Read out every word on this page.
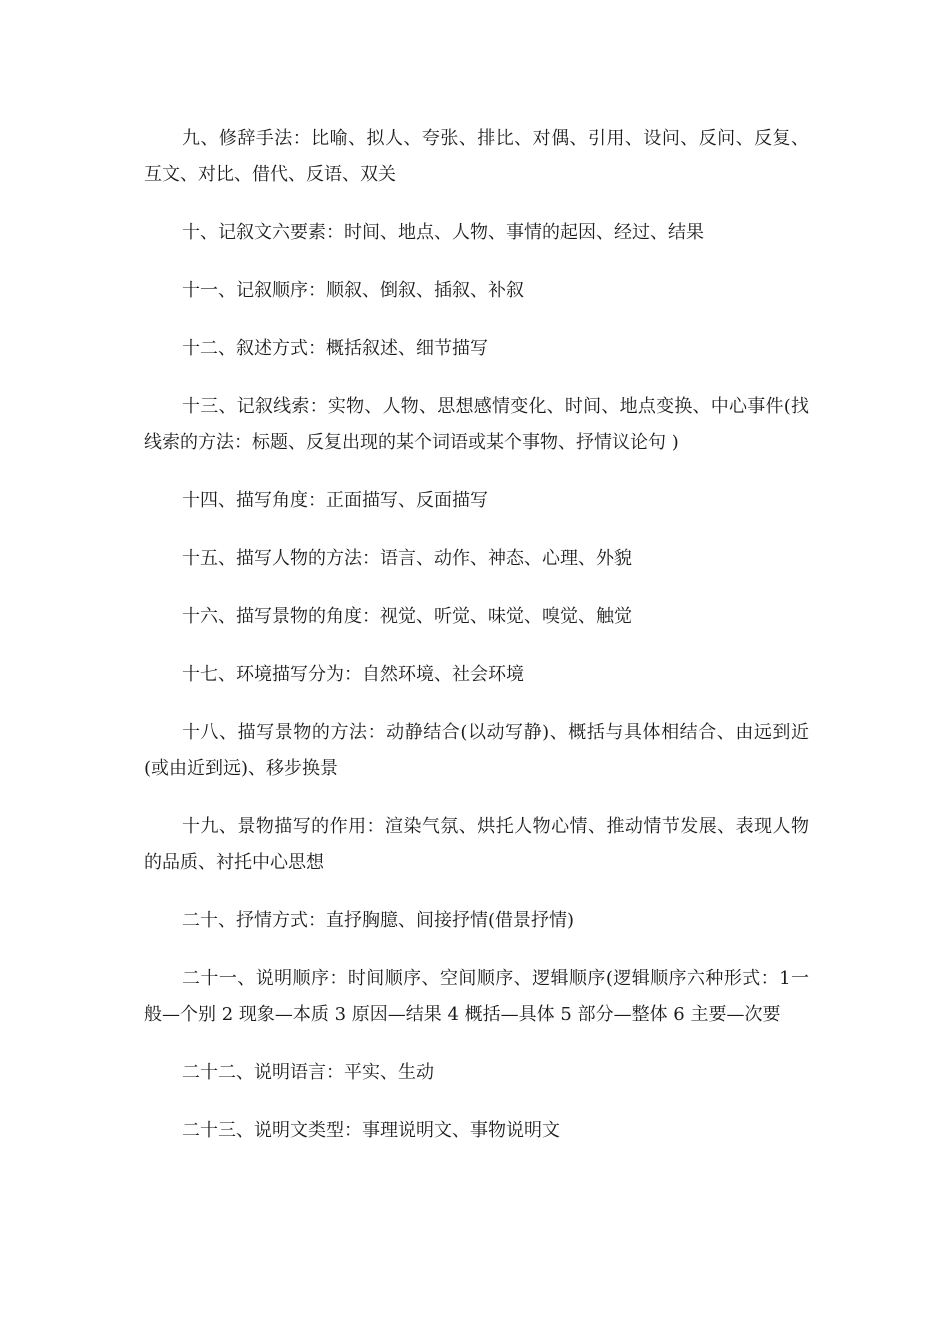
九、修辞手法：比喻、拟人、夸张、排比、对偶、引用、设问、反问、反复、互文、对比、借代、反语、双关

十、记叙文六要素：时间、地点、人物、事情的起因、经过、结果

十一、记叙顺序：顺叙、倒叙、插叙、补叙

十二、叙述方式：概括叙述、细节描写

十三、记叙线索：实物、人物、思想感情变化、时间、地点变换、中心事件(找线索的方法：标题、反复出现的某个词语或某个事物、抒情议论句 )

十四、描写角度：正面描写、反面描写

十五、描写人物的方法：语言、动作、神态、心理、外貌

十六、描写景物的角度：视觉、听觉、味觉、嗅觉、触觉

十七、环境描写分为：自然环境、社会环境

十八、描写景物的方法：动静结合(以动写静)、概括与具体相结合、由远到近(或由近到远)、移步换景

十九、景物描写的作用：渲染气氛、烘托人物心情、推动情节发展、表现人物的品质、衬托中心思想

二十、抒情方式：直抒胸臆、间接抒情(借景抒情)

二十一、说明顺序：时间顺序、空间顺序、逻辑顺序(逻辑顺序六种形式：1一般—个别 2 现象—本质 3 原因—结果 4 概括—具体 5 部分—整体 6 主要—次要

二十二、说明语言：平实、生动

二十三、说明文类型：事理说明文、事物说明文
